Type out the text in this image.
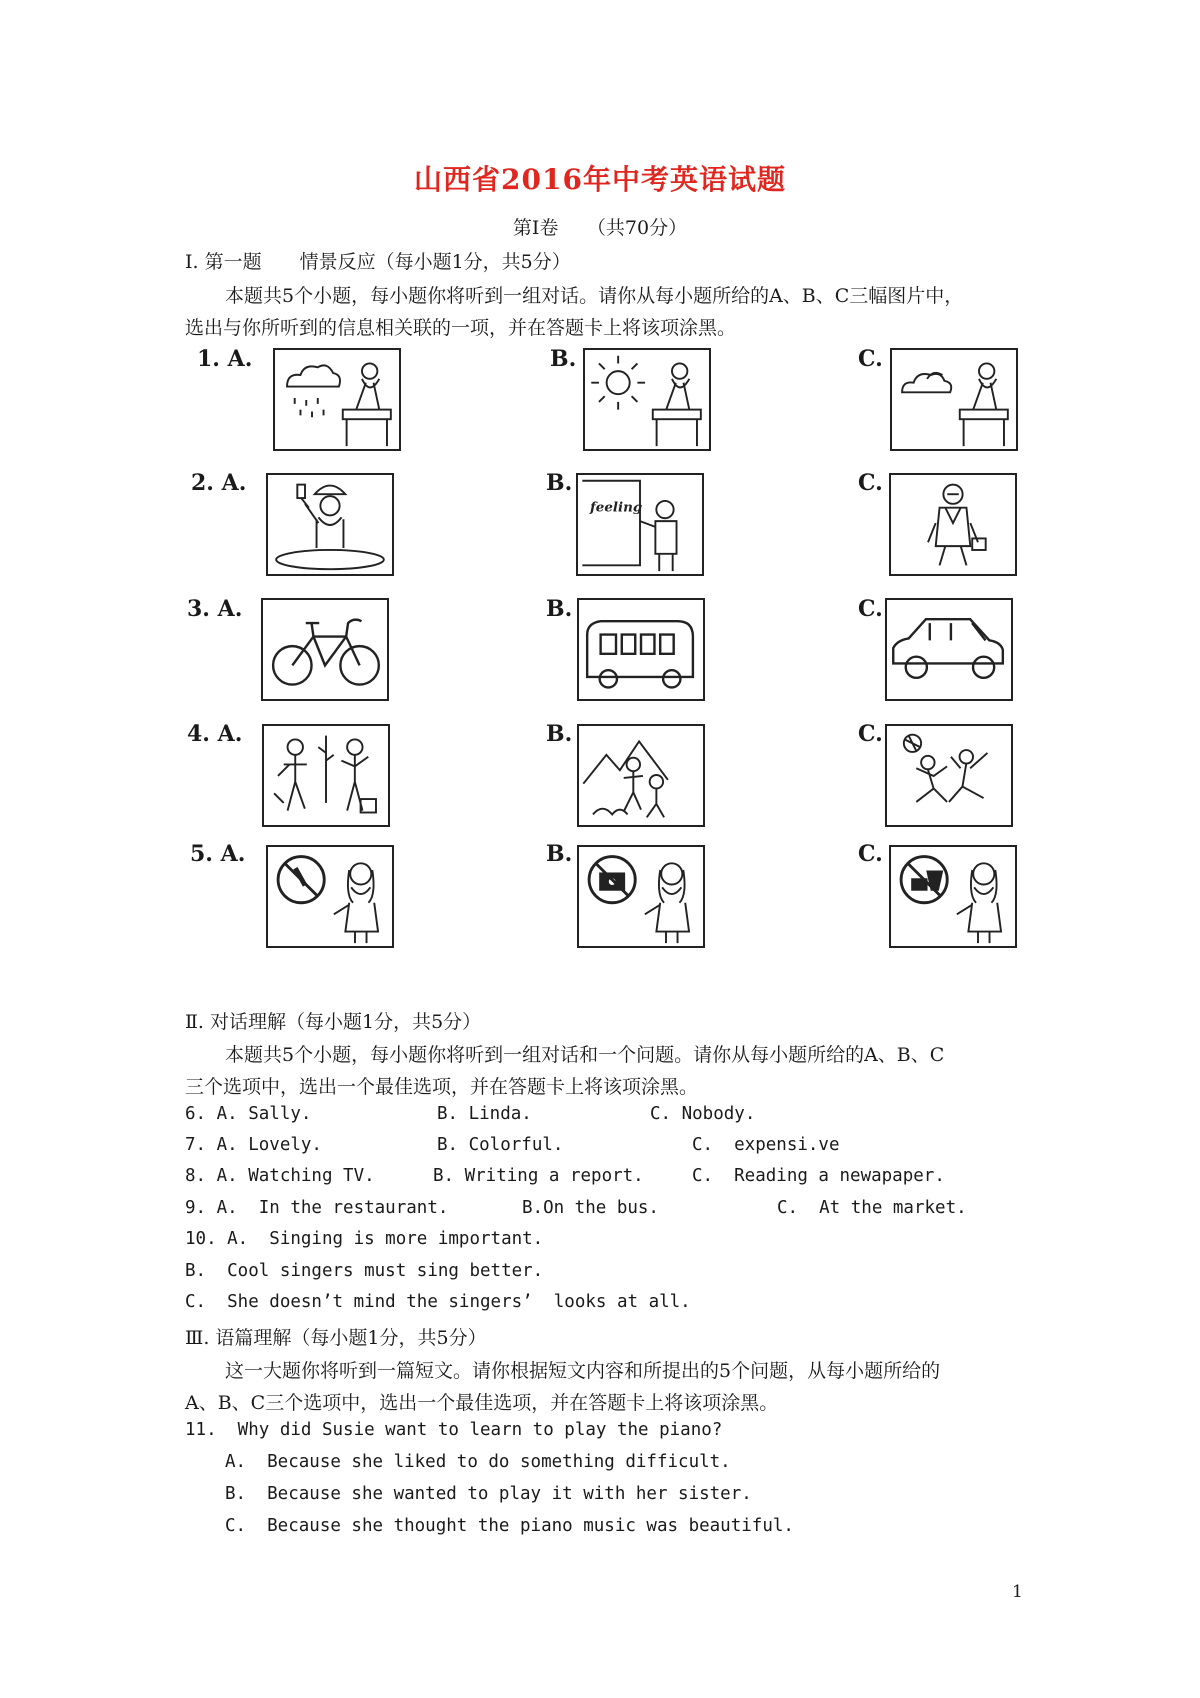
山西省2016年中考英语试题
第Ⅰ卷　　（共70分）
Ⅰ. 第一题　　情景反应（每小题1分，共5分）
本题共5个小题，每小题你将听到一组对话。请你从每小题所给的A、B、C三幅图片中，
选出与你所听到的信息相关联的一项，并在答题卡上将该项涂黑。
1. A.	B.	C.
2. A.	B.	C.
feeling
3. A.	B.	C.
4. A.	B.	C.
5. A.	B.	C.
Ⅱ. 对话理解（每小题1分，共5分）
本题共5个小题，每小题你将听到一组对话和一个问题。请你从每小题所给的A、B、C
三个选项中，选出一个最佳选项，并在答题卡上将该项涂黑。
6. A. Sally.	B. Linda.	C. Nobody.
7. A. Lovely.	B. Colorful.	C.  expensi.ve
8. A. Watching TV.	B. Writing a report.	C.  Reading a newapaper.
9. A.  In the restaurant.	B.On the bus.	C.  At the market.
10. A.  Singing is more important.
B.  Cool singers must sing better.
C.  She doesn’t mind the singers’  looks at all.
Ⅲ. 语篇理解（每小题1分，共5分）
这一大题你将听到一篇短文。请你根据短文内容和所提出的5个问题，从每小题所给的
A、B、C三个选项中，选出一个最佳选项，并在答题卡上将该项涂黑。
11.  Why did Susie want to learn to play the piano?
A.  Because she liked to do something difficult.
B.  Because she wanted to play it with her sister.
C.  Because she thought the piano music was beautiful.
1
